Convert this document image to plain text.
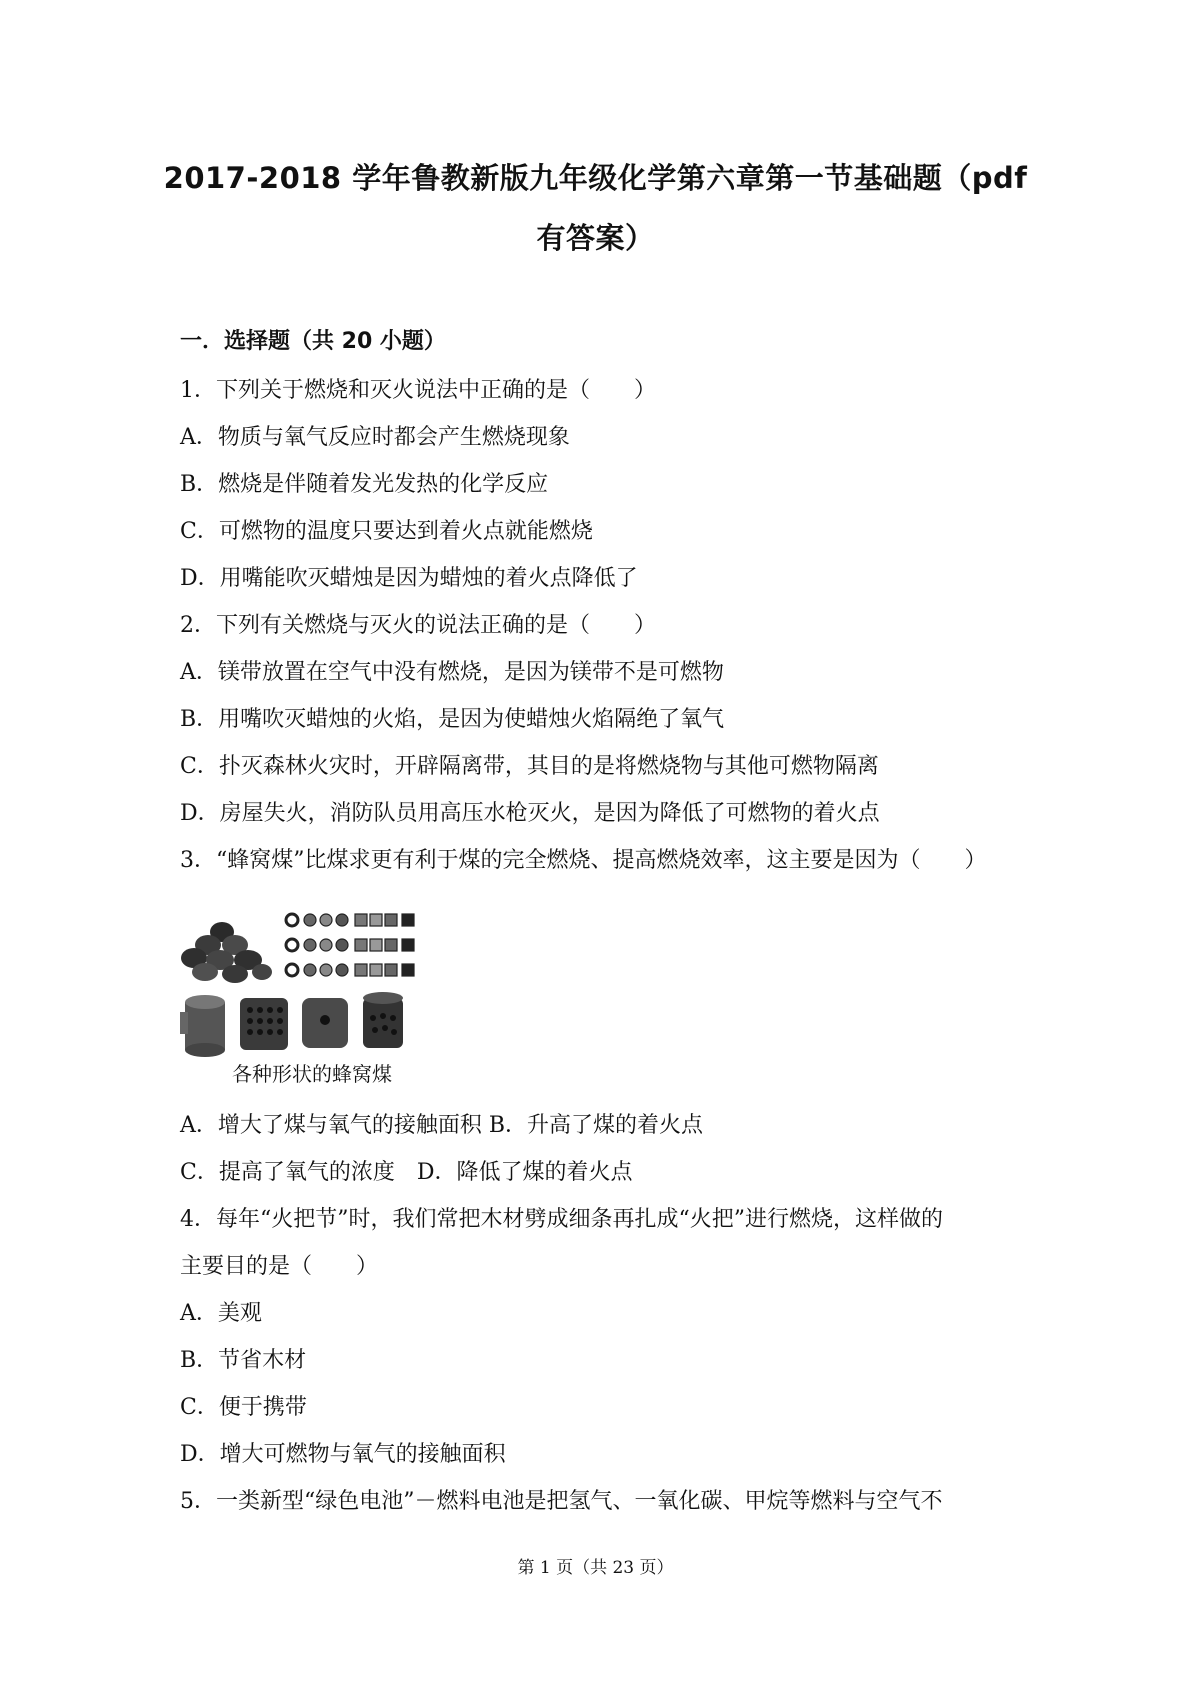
2017-2018 学年鲁教新版九年级化学第六章第一节基础题（pdf
有答案）
一．选择题（共 20 小题）
1．下列关于燃烧和灭火说法中正确的是（　　）
A．物质与氧气反应时都会产生燃烧现象
B．燃烧是伴随着发光发热的化学反应
C．可燃物的温度只要达到着火点就能燃烧
D．用嘴能吹灭蜡烛是因为蜡烛的着火点降低了
2．下列有关燃烧与灭火的说法正确的是（　　）
A．镁带放置在空气中没有燃烧，是因为镁带不是可燃物
B．用嘴吹灭蜡烛的火焰，是因为使蜡烛火焰隔绝了氧气
C．扑灭森林火灾时，开辟隔离带，其目的是将燃烧物与其他可燃物隔离
D．房屋失火，消防队员用高压水枪灭火，是因为降低了可燃物的着火点
3．“蜂窝煤”比煤求更有利于煤的完全燃烧、提高燃烧效率，这主要是因为（　　）
各种形状的蜂窝煤
A．增大了煤与氧气的接触面积 B．升高了煤的着火点
C．提高了氧气的浓度　D．降低了煤的着火点
4．每年“火把节”时，我们常把木材劈成细条再扎成“火把”进行燃烧，这样做的
主要目的是（　　）
A．美观
B．节省木材
C．便于携带
D．增大可燃物与氧气的接触面积
5．一类新型“绿色电池”－燃料电池是把氢气、一氧化碳、甲烷等燃料与空气不
第 1 页（共 23 页）
